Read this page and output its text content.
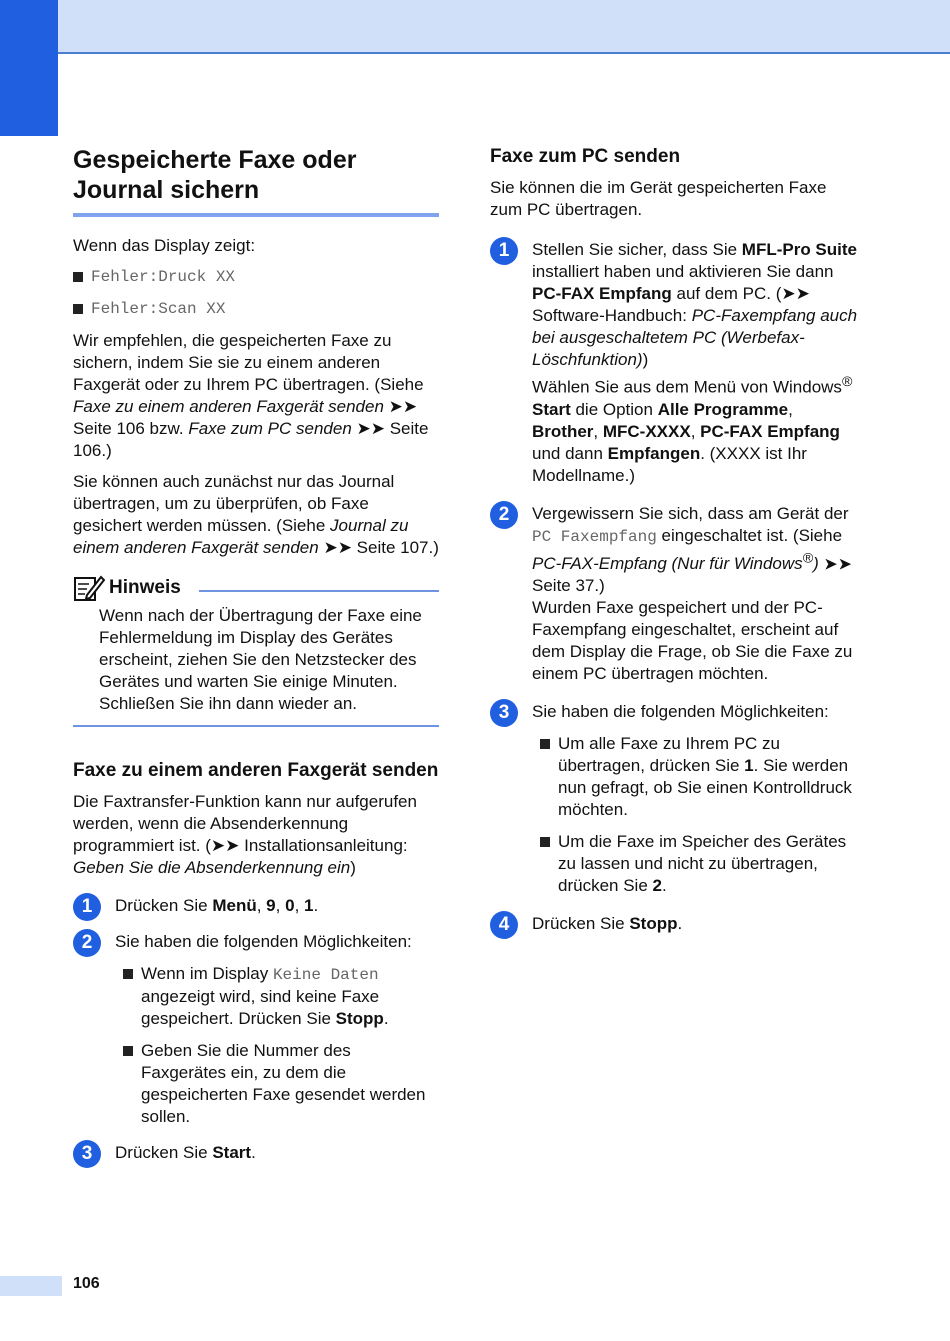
Gespeicherte Faxe oder Journal sichern

Wenn das Display zeigt:

Fehler:Druck XX
Fehler:Scan XX

Wir empfehlen, die gespeicherten Faxe zu sichern, indem Sie sie zu einem anderen Faxgerät oder zu Ihrem PC übertragen. (Siehe Faxe zu einem anderen Faxgerät senden ➤➤ Seite 106 bzw. Faxe zum PC senden ➤➤ Seite 106.)

Sie können auch zunächst nur das Journal übertragen, um zu überprüfen, ob Faxe gesichert werden müssen. (Siehe Journal zu einem anderen Faxgerät senden ➤➤ Seite 107.)

Hinweis

Wenn nach der Übertragung der Faxe eine Fehlermeldung im Display des Gerätes erscheint, ziehen Sie den Netzstecker des Gerätes und warten Sie einige Minuten. Schließen Sie ihn dann wieder an.

Faxe zu einem anderen Faxgerät senden

Die Faxtransfer-Funktion kann nur aufgerufen werden, wenn die Absenderkennung programmiert ist. (➤➤ Installationsanleitung: Geben Sie die Absenderkennung ein)

1	Drücken Sie Menü, 9, 0, 1.
2	Sie haben die folgenden Möglichkeiten:

Wenn im Display Keine Daten angezeigt wird, sind keine Faxe gespeichert. Drücken Sie Stopp.
Geben Sie die Nummer des Faxgerätes ein, zu dem die gespeicherten Faxe gesendet werden sollen.
3	Drücken Sie Start.
Faxe zum PC senden

Sie können die im Gerät gespeicherten Faxe zum PC übertragen.

1	Stellen Sie sicher, dass Sie MFL-Pro Suite installiert haben und aktivieren Sie dann PC-FAX Empfang auf dem PC. (➤➤ Software-Handbuch: PC-Faxempfang auch bei ausgeschaltetem PC (Werbefax-Löschfunktion))
Wählen Sie aus dem Menü von Windows® Start die Option Alle Programme, Brother, MFC-XXXX, PC-FAX Empfang und dann Empfangen. (XXXX ist Ihr Modellname.)
2	Vergewissern Sie sich, dass am Gerät der PC Faxempfang eingeschaltet ist. (Siehe PC-FAX-Empfang (Nur für Windows®) ➤➤ Seite 37.)
Wurden Faxe gespeichert und der PC-Faxempfang eingeschaltet, erscheint auf dem Display die Frage, ob Sie die Faxe zu einem PC übertragen möchten.
3	Sie haben die folgenden Möglichkeiten:

Um alle Faxe zu Ihrem PC zu übertragen, drücken Sie 1. Sie werden nun gefragt, ob Sie einen Kontrolldruck möchten.
Um die Faxe im Speicher des Gerätes zu lassen und nicht zu übertragen, drücken Sie 2.
4	Drücken Sie Stopp.
106
